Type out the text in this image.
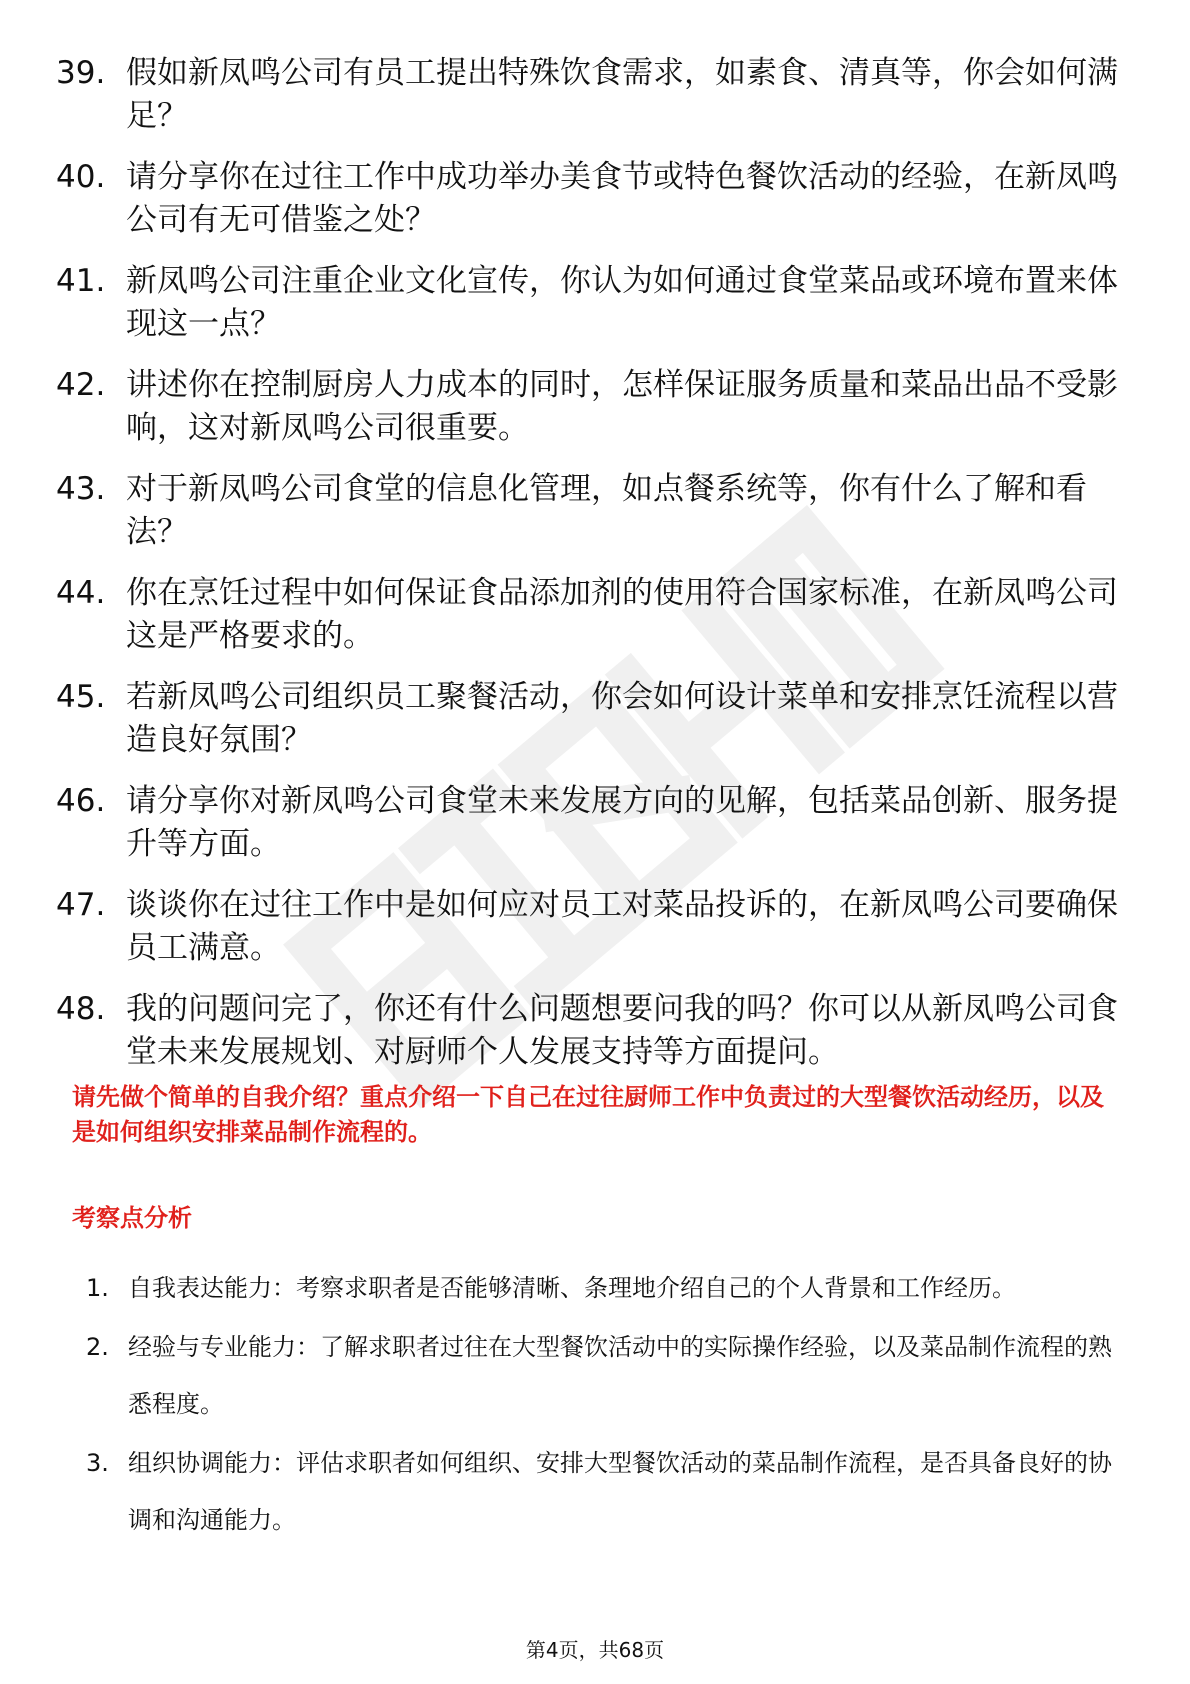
39. 假如新凤鸣公司有员工提出特殊饮食需求，如素食、清真等，你会如何满足？
40. 请分享你在过往工作中成功举办美食节或特色餐饮活动的经验，在新凤鸣公司有无可借鉴之处？
41. 新凤鸣公司注重企业文化宣传，你认为如何通过食堂菜品或环境布置来体现这一点？
42. 讲述你在控制厨房人力成本的同时，怎样保证服务质量和菜品出品不受影响，这对新凤鸣公司很重要。
43. 对于新凤鸣公司食堂的信息化管理，如点餐系统等，你有什么了解和看法？
44. 你在烹饪过程中如何保证食品添加剂的使用符合国家标准，在新凤鸣公司这是严格要求的。
45. 若新凤鸣公司组织员工聚餐活动，你会如何设计菜单和安排烹饪流程以营造良好氛围？
46. 请分享你对新凤鸣公司食堂未来发展方向的见解，包括菜品创新、服务提升等方面。
47. 谈谈你在过往工作中是如何应对员工对菜品投诉的，在新凤鸣公司要确保员工满意。
48. 我的问题问完了，你还有什么问题想要问我的吗？你可以从新凤鸣公司食堂未来发展规划、对厨师个人发展支持等方面提问。

请先做个简单的自我介绍？重点介绍一下自己在过往厨师工作中负责过的大型餐饮活动经历，以及是如何组织安排菜品制作流程的。

考察点分析
1. 自我表达能力：考察求职者是否能够清晰、条理地介绍自己的个人背景和工作经历。
2. 经验与专业能力：了解求职者过往在大型餐饮活动中的实际操作经验，以及菜品制作流程的熟悉程度。
3. 组织协调能力：评估求职者如何组织、安排大型餐饮活动的菜品制作流程，是否具备良好的协调和沟通能力。
第4页，共68页
